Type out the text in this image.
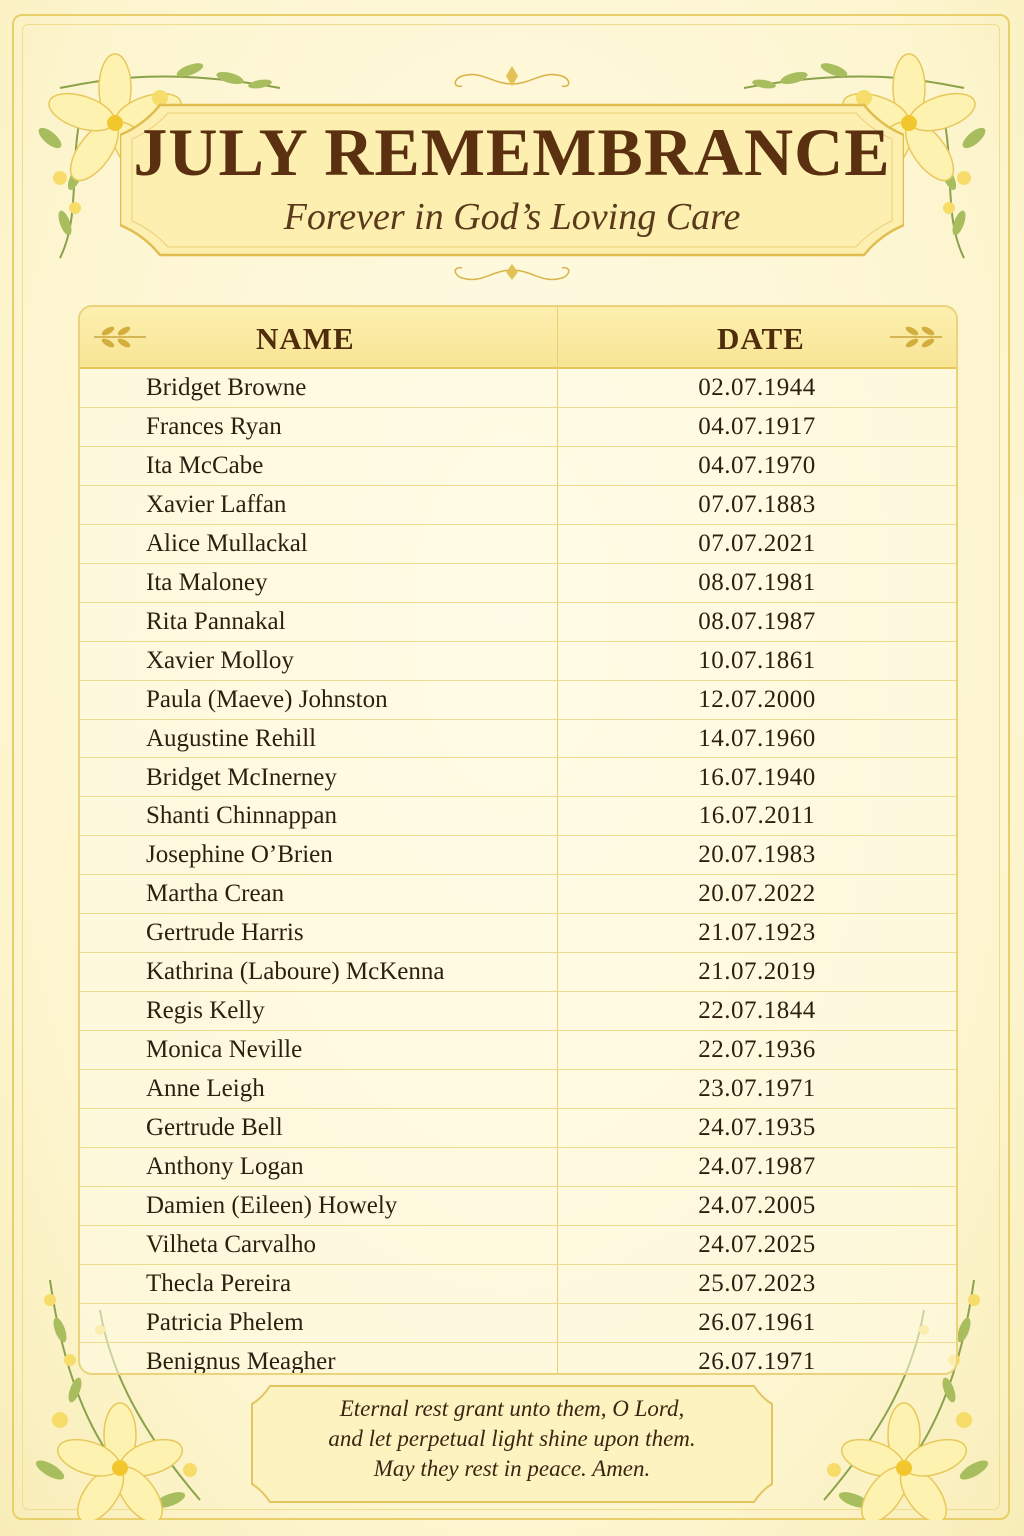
JULY REMEMBRANCE
Forever in God’s Loving Care
NAME	DATE
Bridget Browne	02.07.1944
Frances Ryan	04.07.1917
Ita McCabe	04.07.1970
Xavier Laffan	07.07.1883
Alice Mullackal	07.07.2021
Ita Maloney	08.07.1981
Rita Pannakal	08.07.1987
Xavier Molloy	10.07.1861
Paula (Maeve) Johnston	12.07.2000
Augustine Rehill	14.07.1960
Bridget McInerney	16.07.1940
Shanti Chinnappan	16.07.2011
Josephine O’Brien	20.07.1983
Martha Crean	20.07.2022
Gertrude Harris	21.07.1923
Kathrina (Laboure) McKenna	21.07.2019
Regis Kelly	22.07.1844
Monica Neville	22.07.1936
Anne Leigh	23.07.1971
Gertrude Bell	24.07.1935
Anthony Logan	24.07.1987
Damien (Eileen) Howely	24.07.2005
Vilheta Carvalho	24.07.2025
Thecla Pereira	25.07.2023
Patricia Phelem	26.07.1961
Benignus Meagher	26.07.1971
Eternal rest grant unto them, O Lord,
and let perpetual light shine upon them.
May they rest in peace. Amen.
